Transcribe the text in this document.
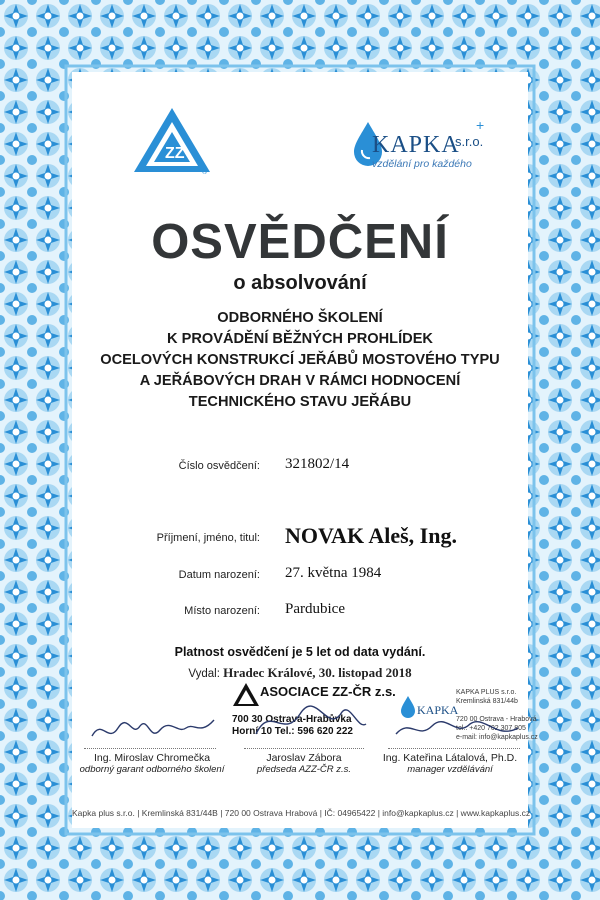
ZZ
®
+
KAPKA
s.r.o.
vzdělání pro každého
OSVĚDČENÍ
o absolvování
ODBORNÉHO ŠKOLENÍ
K PROVÁDĚNÍ BĚŽNÝCH PROHLÍDEK
OCELOVÝCH KONSTRUKCÍ JEŘÁBŮ MOSTOVÉHO TYPU
A JEŘÁBOVÝCH DRAH V RÁMCI HODNOCENÍ
TECHNICKÉHO STAVU JEŘÁBU
Číslo osvědčení: 321802/14
Příjmení, jméno, titul: NOVAK Aleš, Ing.
Datum narození: 27. května 1984
Místo narození: Pardubice
Platnost osvědčení je 5 let od data vydání.
Vydal: Hradec Králové, 30. listopad 2018
ASOCIACE ZZ-ČR z.s.
700 30 Ostrava-Hrabůvka
Horní 10 Tel.: 596 620 222
KAPKA
KAPKA PLUS s.r.o.
Kremlinská 831/44b
720 00 Ostrava - Hrabová
tel.: +420 702 307 805
e-mail: info@kapkaplus.cz
Ing. Miroslav Chromečka
odborný garant odborného školení
Jaroslav Zábora
předseda AZZ-ČR z.s.
Ing. Kateřina Látalová, Ph.D.
manager vzdělávání
Kapka plus s.r.o. | Kremlinská 831/44B | 720 00 Ostrava Hrabová | IČ: 04965422 | info@kapkaplus.cz | www.kapkaplus.cz
